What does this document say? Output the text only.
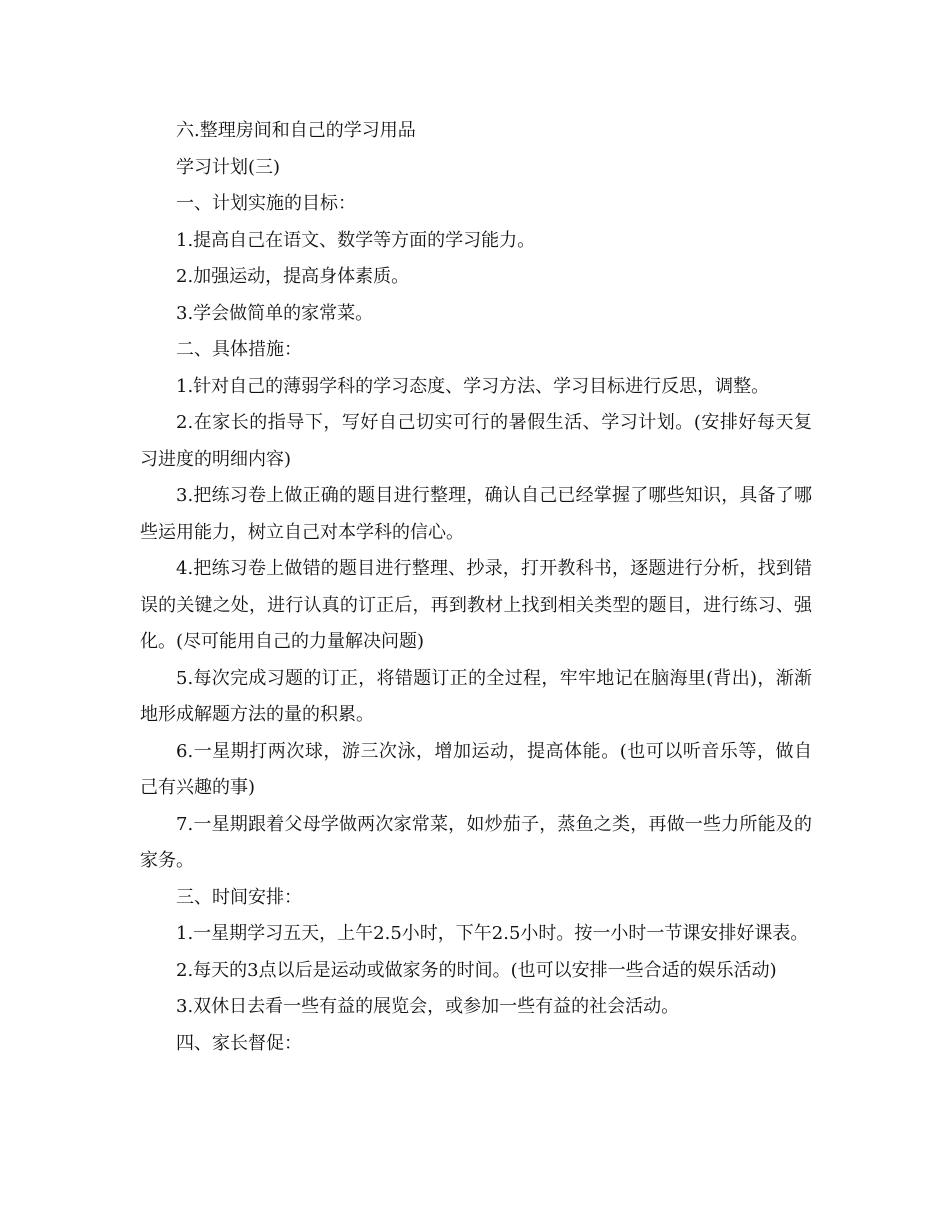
六.整理房间和自己的学习用品

学习计划(三)

一、计划实施的目标：

1.提高自己在语文、数学等方面的学习能力。

2.加强运动，提高身体素质。

3.学会做简单的家常菜。

二、具体措施：

1.针对自己的薄弱学科的学习态度、学习方法、学习目标进行反思，调整。

2.在家长的指导下，写好自己切实可行的暑假生活、学习计划。(安排好每天复习进度的明细内容)

3.把练习卷上做正确的题目进行整理，确认自己已经掌握了哪些知识，具备了哪些运用能力，树立自己对本学科的信心。

4.把练习卷上做错的题目进行整理、抄录，打开教科书，逐题进行分析，找到错误的关键之处，进行认真的订正后，再到教材上找到相关类型的题目，进行练习、强化。(尽可能用自己的力量解决问题)

5.每次完成习题的订正，将错题订正的全过程，牢牢地记在脑海里(背出)，渐渐地形成解题方法的量的积累。

6.一星期打两次球，游三次泳，增加运动，提高体能。(也可以听音乐等，做自己有兴趣的事)

7.一星期跟着父母学做两次家常菜，如炒茄子，蒸鱼之类，再做一些力所能及的家务。

三、时间安排：

1.一星期学习五天，上午2.5小时，下午2.5小时。按一小时一节课安排好课表。

2.每天的3点以后是运动或做家务的时间。(也可以安排一些合适的娱乐活动)

3.双休日去看一些有益的展览会，或参加一些有益的社会活动。

四、家长督促：
